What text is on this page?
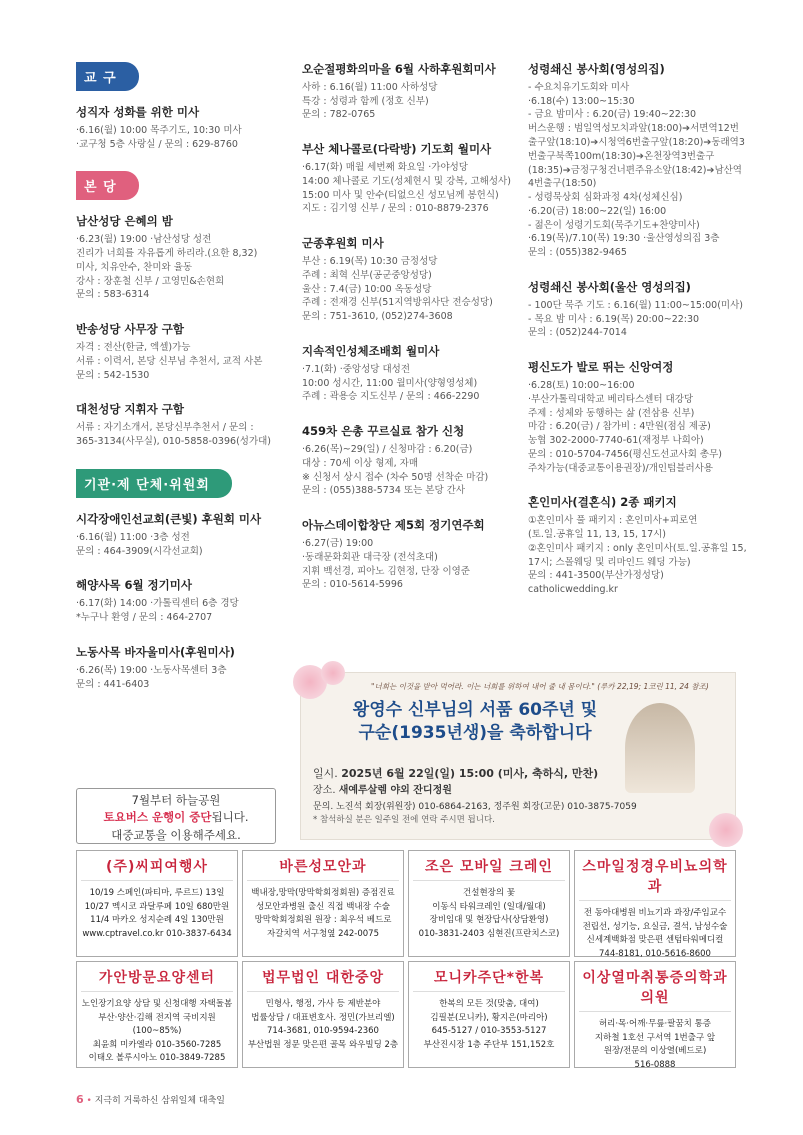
교 구
성직자 성화를 위한 미사

·6.16(월) 10:00 목주기도, 10:30 미사
·교구청 5층 사랑실 / 문의 : 629-8760

본 당
남산성당 은혜의 밤

·6.23(월) 19:00 ·남산성당 성전
진리가 너희를 자유롭게 하리라.(요한 8,32)
미사, 치유안수, 찬미와 율동
강사 : 장훈철 신부 / 고영민&손현희
문의 : 583-6314

반송성당 사무장 구함

자격 : 전산(한글, 엑셀)가능
서류 : 이력서, 본당 신부님 추천서, 교적 사본
문의 : 542-1530

대천성당 지휘자 구함

서류 : 자기소개서, 본당신부추천서 / 문의 :
365-3134(사무실), 010-5858-0396(성가대)

기관·제 단체·위원회
시각장애인선교회(큰빛) 후원회 미사

·6.16(월) 11:00 ·3층 성전
문의 : 464-3909(시각선교회)

해양사목 6월 정기미사

·6.17(화) 14:00 ·가톨릭센터 6층 경당
*누구나 환영 / 문의 : 464-2707

노동사목 바자울미사(후원미사)

·6.26(목) 19:00 ·노동사목센터 3층
문의 : 441-6403

7월부터 하늘공원
토요버스 운행이 중단됩니다.
대중교통을 이용해주세요.
오순절평화의마을 6월 사하후원회미사

사하 : 6.16(월) 11:00 사하성당
특강 : 성령과 함께 (정호 신부)
문의 : 782-0765

부산 체나콜로(다락방) 기도회 월미사

·6.17(화) 매월 세번째 화요일 ·가야성당
14:00 체나콜로 기도(성체현시 및 강복, 고해성사)
15:00 미사 및 안수(티없으신 성모님께 봉헌식)
지도 : 김기영 신부 / 문의 : 010-8879-2376

군종후원회 미사

부산 : 6.19(목) 10:30 금정성당
주례 : 최혁 신부(공군중앙성당)
울산 : 7.4(금) 10:00 옥동성당
주례 : 전재경 신부(51지역방위사단 전승성당)
문의 : 751-3610, (052)274-3608

지속적인성체조배회 월미사

·7.1(화) ·중앙성당 대성전
10:00 성시간, 11:00 월미사(양형영성체)
주례 : 곽용승 지도신부 / 문의 : 466-2290

459차 은총 꾸르실료 참가 신청

·6.26(목)~29(일) / 신청마감 : 6.20(금)
대상 : 70세 이상 형제, 자매
※ 신청서 상시 접수 (차수 50명 선착순 마감)
문의 : (055)388-5734 또는 본당 간사

아뉴스데이합창단 제5회 정기연주회

·6.27(금) 19:00
·동래문화회관 대극장 (전석초대)
지휘 백선경, 피아노 김현정, 단장 이영준
문의 : 010-5614-5996

성령쇄신 봉사회(영성의집)

- 수요치유기도회와 미사
·6.18(수) 13:00~15:30
- 금요 밤미사 : 6.20(금) 19:40~22:30
버스운행 : 범일역성모치과앞(18:00)➔서면역12번출구앞(18:10)➔시청역6번출구앞(18:20)➔동래역3번출구북쪽100m(18:30)➔온천장역3번출구(18:35)➔금정구청건너편주유소앞(18:42)➔남산역4번출구(18:50)
- 성령묵상회 심화과정 4차(성체신심)
·6.20(금) 18:00~22(일) 16:00
- 젊은이 성령기도회(묵주기도+찬양미사)
·6.19(목)/7.10(목) 19:30 ·울산영성의집 3층
문의 : (055)382-9465

성령쇄신 봉사회(울산 영성의집)

- 100단 묵주 기도 : 6.16(월) 11:00~15:00(미사)
- 목요 밤 미사 : 6.19(목) 20:00~22:30
문의 : (052)244-7014

평신도가 발로 뛰는 신앙여정

·6.28(토) 10:00~16:00
·부산가톨릭대학교 베리타스센터 대강당
주제 : 성체와 동행하는 삶 (전삼용 신부)
마감 : 6.20(금) / 참가비 : 4만원(점심 제공)
농협 302-2000-7740-61(재정부 나희아)
문의 : 010-5704-7456(평신도선교사회 총무)
주차가능(대중교통이용권장)/개인텀블러사용

혼인미사(결혼식) 2종 패키지

①혼인미사 풀 패키지 : 혼인미사+피로연
(토.일.공휴일 11, 13, 15, 17시)
②혼인미사 패키지 : only 혼인미사(토.일.공휴일 15, 17시; 스몰웨딩 및 리마인드 웨딩 가능)
문의 : 441-3500(부산가정성당)
catholicwedding.kr

"너희는 이것을 받아 먹어라. 이는 너희를 위하여 내어 줄 내 몸이다." (루카 22,19; 1코린 11, 24 참조)
왕영수 신부님의 서품 60주년 및
구순(1935년생)을 축하합니다
일시. 2025년 6월 22일(일) 15:00 (미사, 축하식, 만찬)
장소. 새예루살렘 야외 잔디정원
문의. 노진석 회장(위원장) 010-6864-2163, 정주원 회장(고문) 010-3875-7059
* 참석하실 분은 일주일 전에 연락 주시면 됩니다.
(주)씨피여행사

10/19 스페인(파티마, 루르드) 13일
10/27 멕시코 과달루페 10일 680만원
11/4 마카오 성지순례 4일 130만원
www.cptravel.co.kr 010-3837-6434

바른성모안과

백내장,망막(망막학회정회원) 증점진료
성모안과병원 출신 직접 백내장 수술
망막학회정회원 원장 : 최우석 베드로
자갈치역 서구청옆 242-0075

조은 모바일 크레인

건설현장의 꽃
이동식 타워크레인 (일대/월대)
장비임대 및 현장답사(상담환영)
010-3831-2403 심현진(프란치스코)

스마일정경우비뇨의학과

전 동아대병원 비뇨기과 과장/주임교수
전립선, 성기능, 요실금, 결석, 남성수술
신세계백화점 맞은편 센텀타워메디컬
744-8181, 010-5616-8600

가안방문요양센터

노인장기요양 상담 및 신청대행 자택돌봄
부산·양산·김해 전지역 국비지원(100~85%)
최윤희 미카엘라 010-3560-7285
이태오 볼루시아노 010-3849-7285

법무법인 대한중앙

민형사, 행정, 가사 등 제반분야
법률상담 / 대표변호사. 정민(가브리엘)
714-3681, 010-9594-2360
부산법원 정문 맞은편 골목 와우빌딩 2층

모니카주단*한복

한복의 모든 것(맞춤, 대여)
김필분(모니카), 황지은(마리아)
645-5127 / 010-3553-5127
부산진시장 1층 주단부 151,152호

이상열마취통증의학과의원

허리·목·어깨·무릎·팔꿈치 통증
지하철 1호선 구서역 1번출구 앞
원장/전문의 이상열(베드로)
516-0888

6 • 지극히 거룩하신 삼위일체 대축일
